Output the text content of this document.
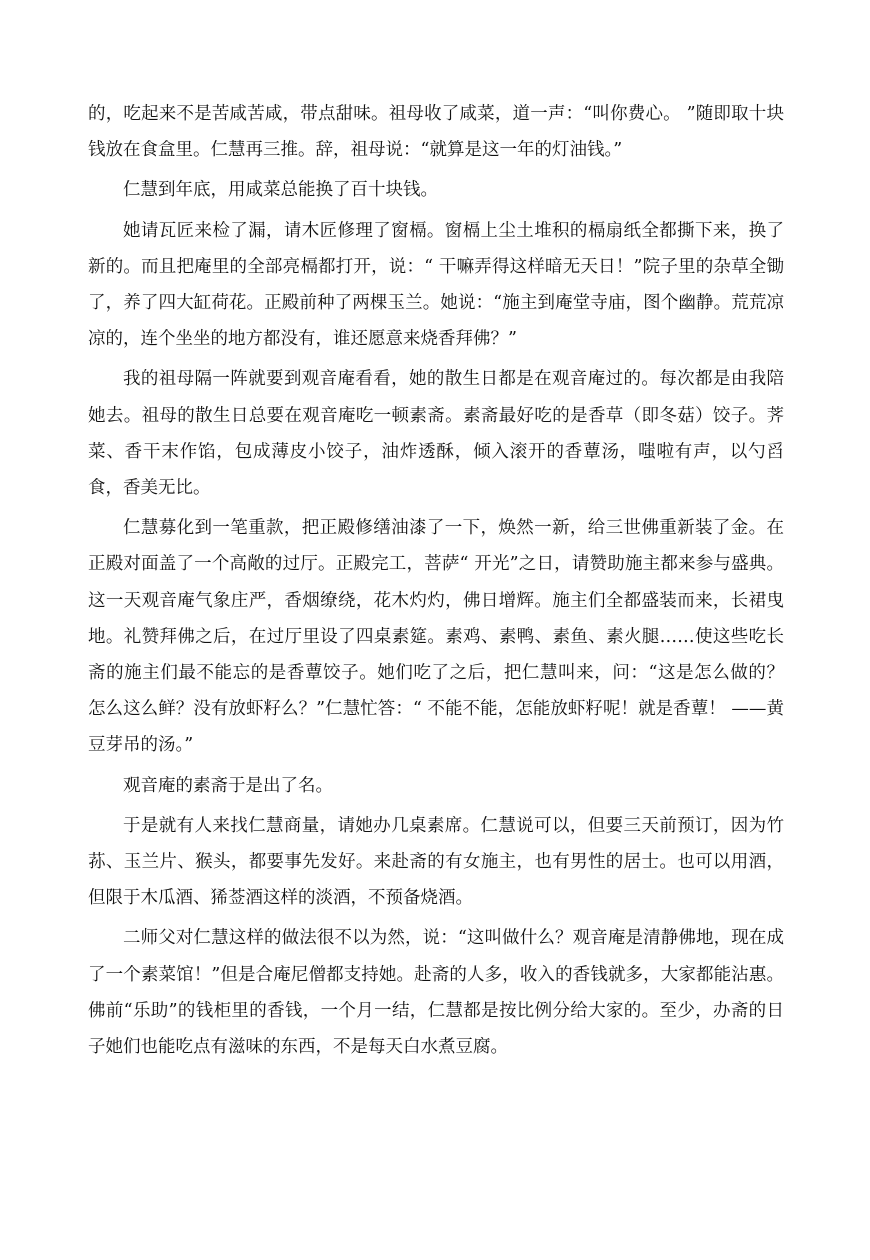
的，吃起来不是苦咸苦咸，带点甜味。祖母收了咸菜，道一声：“叫你费心。 ”随即取十块钱放在食盒里。仁慧再三推。辞，祖母说：“就算是这一年的灯油钱。”

仁慧到年底，用咸菜总能换了百十块钱。

她请瓦匠来检了漏，请木匠修理了窗槅。窗槅上尘土堆积的槅扇纸全都撕下来，换了新的。而且把庵里的全部亮槅都打开，说：“ 干嘛弄得这样暗无天日！”院子里的杂草全锄了，养了四大缸荷花。正殿前种了两棵玉兰。她说：“施主到庵堂寺庙，图个幽静。荒荒凉凉的，连个坐坐的地方都没有，谁还愿意来烧香拜佛？”

我的祖母隔一阵就要到观音庵看看，她的散生日都是在观音庵过的。每次都是由我陪她去。祖母的散生日总要在观音庵吃一顿素斋。素斋最好吃的是香草（即冬菇）饺子。荠菜、香干末作馅，包成薄皮小饺子，油炸透酥，倾入滚开的香蕈汤，嗤啦有声，以勺舀食，香美无比。

仁慧募化到一笔重款，把正殿修缮油漆了一下，焕然一新，给三世佛重新装了金。在正殿对面盖了一个高敞的过厅。正殿完工，菩萨“ 开光”之日，请赞助施主都来参与盛典。这一天观音庵气象庄严，香烟缭绕，花木灼灼，佛日增辉。施主们全都盛装而来，长裙曳地。礼赞拜佛之后，在过厅里设了四桌素筵。素鸡、素鸭、素鱼、素火腿……使这些吃长斋的施主们最不能忘的是香蕈饺子。她们吃了之后，把仁慧叫来，问：“这是怎么做的？ 怎么这么鲜？没有放虾籽么？”仁慧忙答：“ 不能不能，怎能放虾籽呢！就是香蕈！ ——黄豆芽吊的汤。”

观音庵的素斋于是出了名。

于是就有人来找仁慧商量，请她办几桌素席。仁慧说可以，但要三天前预订，因为竹荪、玉兰片、猴头，都要事先发好。来赴斋的有女施主，也有男性的居士。也可以用酒，但限于木瓜酒、狶莶酒这样的淡酒，不预备烧酒。

二师父对仁慧这样的做法很不以为然，说：“这叫做什么？观音庵是清静佛地，现在成了一个素菜馆！”但是合庵尼僧都支持她。赴斋的人多，收入的香钱就多，大家都能沾惠。佛前“乐助”的钱柜里的香钱，一个月一结，仁慧都是按比例分给大家的。至少，办斋的日子她们也能吃点有滋味的东西，不是每天白水煮豆腐。
